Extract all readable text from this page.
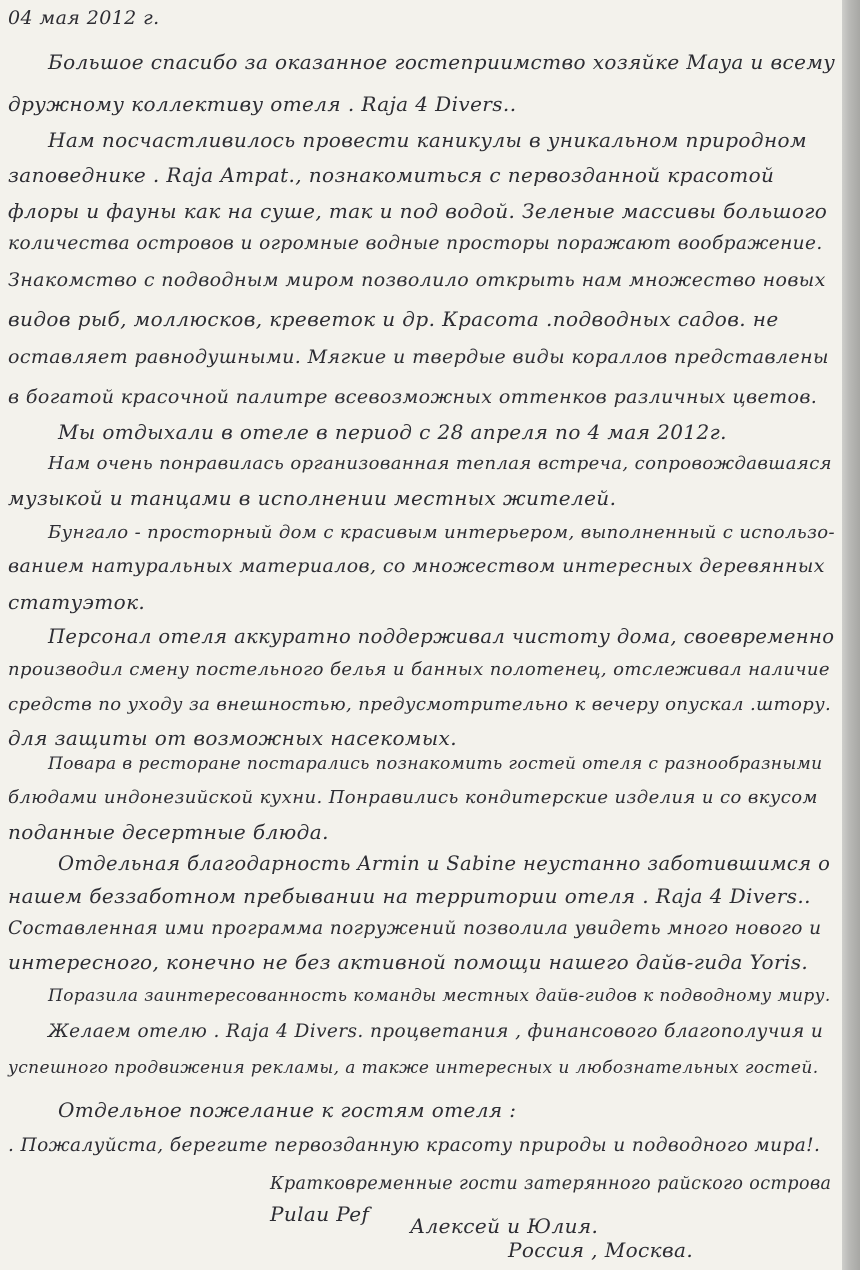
04 мая 2012 г.
Большое спасибо за оказанное гостеприимство хозяйке Maya и всему
дружному коллективу отеля . Raja 4 Divers..
Нам посчастливилось провести каникулы в уникальном природном
заповеднике . Raja Ampat., познакомиться с первозданной красотой
флоры и фауны как на суше, так и под водой. Зеленые массивы большого
количества островов и огромные водные просторы поражают воображение.
Знакомство с подводным миром позволило открыть нам множество новых
видов рыб, моллюсков, креветок и др. Красота .подводных садов. не
оставляет равнодушными. Мягкие и твердые виды кораллов представлены
в богатой красочной палитре всевозможных оттенков различных цветов.
Мы отдыхали в отеле в период с 28 апреля по 4 мая 2012г.
Нам очень понравилась организованная теплая встреча, сопровождавшаяся
музыкой и танцами в исполнении местных жителей.
Бунгало - просторный дом с красивым интерьером, выполненный с использо-
ванием натуральных материалов, со множеством интересных деревянных
статуэток.
Персонал отеля аккуратно поддерживал чистоту дома, своевременно
производил смену постельного белья и банных полотенец, отслеживал наличие
средств по уходу за внешностью, предусмотрительно к вечеру опускал .штору.
для защиты от возможных насекомых.
Повара в ресторане постарались познакомить гостей отеля с разнообразными
блюдами индонезийской кухни. Понравились кондитерские изделия и со вкусом
поданные десертные блюда.
Отдельная благодарность Armin и Sabine неустанно заботившимся о
нашем беззаботном пребывании на территории отеля . Raja 4 Divers..
Составленная ими программа погружений позволила увидеть много нового и
интересного, конечно не без активной помощи нашего дайв-гида Yoris.
Поразила заинтересованность команды местных дайв-гидов к подводному миру.
Желаем отелю . Raja 4 Divers. процветания , финансового благополучия и
успешного продвижения рекламы, а также интересных и любознательных гостей.
Отдельное пожелание к гостям отеля :
. Пожалуйста, берегите первозданную красоту природы и подводного мира!.
Кратковременные гости затерянного райского острова
Pulau Pef Алексей и Юлия.
Россия , Москва.
